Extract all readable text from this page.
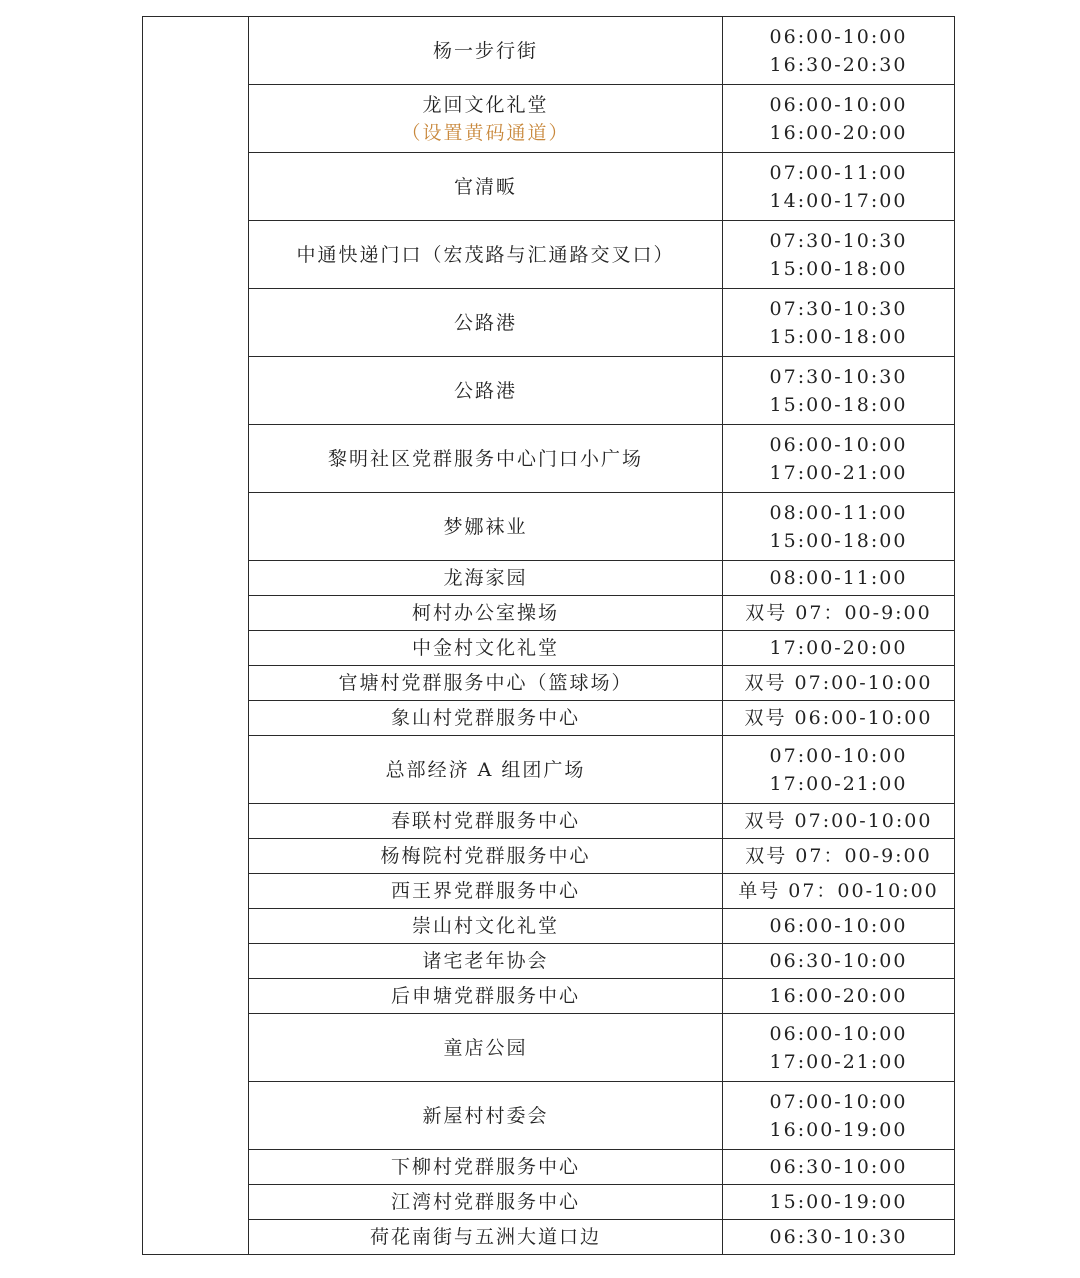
	杨一步行街	06:00-10:00
16:30-20:30

	龙回文化礼堂
（设置黄码通道）	06:00-10:00
16:00-20:00

	官清畈	07:00-11:00
14:00-17:00

	中通快递门口（宏茂路与汇通路交叉口）	07:30-10:30
15:00-18:00

	公路港	07:30-10:30
15:00-18:00

	公路港	07:30-10:30
15:00-18:00

	黎明社区党群服务中心门口小广场	06:00-10:00
17:00-21:00

	梦娜袜业	08:00-11:00
15:00-18:00

	龙海家园	08:00-11:00

	柯村办公室操场	双号 07：00-9:00

	中金村文化礼堂	17:00-20:00

	官塘村党群服务中心（篮球场）	双号 07:00-10:00

	象山村党群服务中心	双号 06:00-10:00

	总部经济 A 组团广场	07:00-10:00
17:00-21:00

	春联村党群服务中心	双号 07:00-10:00

	杨梅院村党群服务中心	双号 07：00-9:00

	西王界党群服务中心	单号 07：00-10:00

	崇山村文化礼堂	06:00-10:00

	诸宅老年协会	06:30-10:00

	后申塘党群服务中心	16:00-20:00

	童店公园	06:00-10:00
17:00-21:00

	新屋村村委会	07:00-10:00
16:00-19:00

	下柳村党群服务中心	06:30-10:00

	江湾村党群服务中心	15:00-19:00

	荷花南街与五洲大道口边	06:30-10:30
